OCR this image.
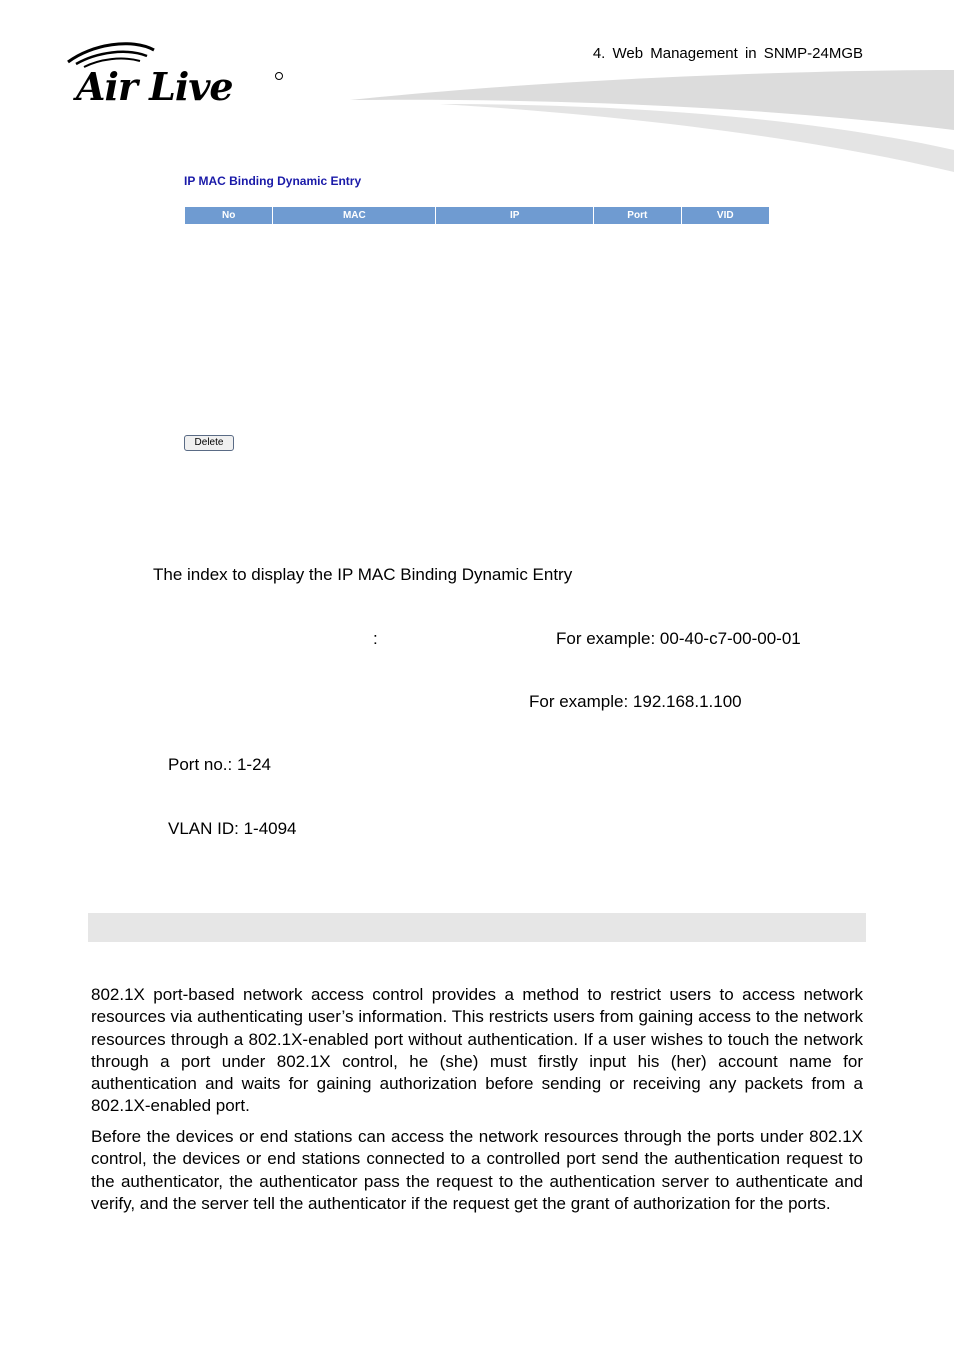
4. Web Management in SNMP-24MGB
Air Live
IP MAC Binding Dynamic Entry
No	MAC	IP	Port	VID
Delete
The index to display the IP MAC Binding Dynamic Entry
:	For example: 00-40-c7-00-00-01
For example: 192.168.1.100
Port no.: 1-24
VLAN ID: 1-4094
802.1X port-based network access control provides a method to restrict users to access network resources via authenticating user’s information. This restricts users from gaining access to the network resources through a 802.1X-enabled port without authentication. If a user wishes to touch the network through a port under 802.1X control, he (she) must firstly input his (her) account name for authentication and waits for gaining authorization before sending or receiving any packets from a 802.1X-enabled port.
Before the devices or end stations can access the network resources through the ports under 802.1X control, the devices or end stations connected to a controlled port send the authentication request to the authenticator, the authenticator pass the request to the authentication server to authenticate and verify, and the server tell the authenticator if the request get the grant of authorization for the ports.
